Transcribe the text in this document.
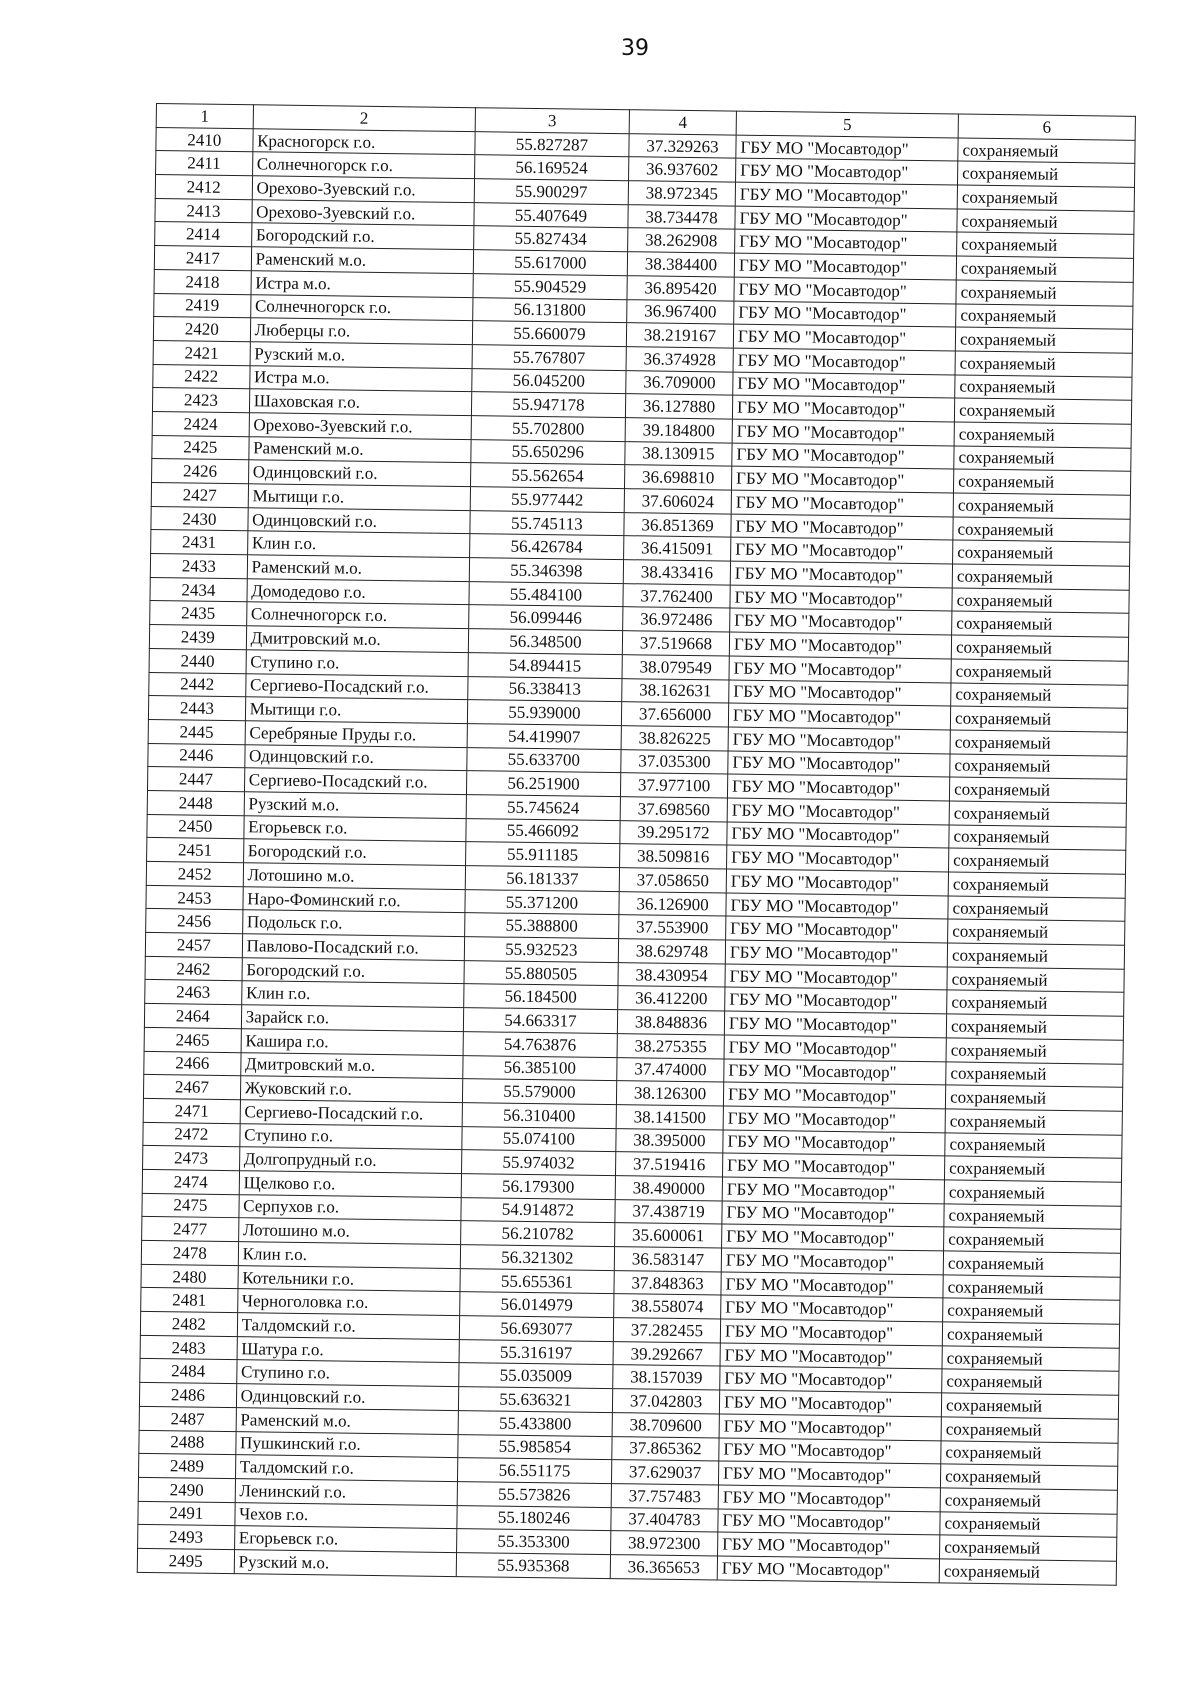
39
1	2	3	4	5	6
2410	Красногорск г.о.	55.827287	37.329263	ГБУ МО "Мосавтодор"	сохраняемый
2411	Солнечногорск г.о.	56.169524	36.937602	ГБУ МО "Мосавтодор"	сохраняемый
2412	Орехово-Зуевский г.о.	55.900297	38.972345	ГБУ МО "Мосавтодор"	сохраняемый
2413	Орехово-Зуевский г.о.	55.407649	38.734478	ГБУ МО "Мосавтодор"	сохраняемый
2414	Богородский г.о.	55.827434	38.262908	ГБУ МО "Мосавтодор"	сохраняемый
2417	Раменский м.о.	55.617000	38.384400	ГБУ МО "Мосавтодор"	сохраняемый
2418	Истра м.о.	55.904529	36.895420	ГБУ МО "Мосавтодор"	сохраняемый
2419	Солнечногорск г.о.	56.131800	36.967400	ГБУ МО "Мосавтодор"	сохраняемый
2420	Люберцы г.о.	55.660079	38.219167	ГБУ МО "Мосавтодор"	сохраняемый
2421	Рузский м.о.	55.767807	36.374928	ГБУ МО "Мосавтодор"	сохраняемый
2422	Истра м.о.	56.045200	36.709000	ГБУ МО "Мосавтодор"	сохраняемый
2423	Шаховская г.о.	55.947178	36.127880	ГБУ МО "Мосавтодор"	сохраняемый
2424	Орехово-Зуевский г.о.	55.702800	39.184800	ГБУ МО "Мосавтодор"	сохраняемый
2425	Раменский м.о.	55.650296	38.130915	ГБУ МО "Мосавтодор"	сохраняемый
2426	Одинцовский г.о.	55.562654	36.698810	ГБУ МО "Мосавтодор"	сохраняемый
2427	Мытищи г.о.	55.977442	37.606024	ГБУ МО "Мосавтодор"	сохраняемый
2430	Одинцовский г.о.	55.745113	36.851369	ГБУ МО "Мосавтодор"	сохраняемый
2431	Клин г.о.	56.426784	36.415091	ГБУ МО "Мосавтодор"	сохраняемый
2433	Раменский м.о.	55.346398	38.433416	ГБУ МО "Мосавтодор"	сохраняемый
2434	Домодедово г.о.	55.484100	37.762400	ГБУ МО "Мосавтодор"	сохраняемый
2435	Солнечногорск г.о.	56.099446	36.972486	ГБУ МО "Мосавтодор"	сохраняемый
2439	Дмитровский м.о.	56.348500	37.519668	ГБУ МО "Мосавтодор"	сохраняемый
2440	Ступино г.о.	54.894415	38.079549	ГБУ МО "Мосавтодор"	сохраняемый
2442	Сергиево-Посадский г.о.	56.338413	38.162631	ГБУ МО "Мосавтодор"	сохраняемый
2443	Мытищи г.о.	55.939000	37.656000	ГБУ МО "Мосавтодор"	сохраняемый
2445	Серебряные Пруды г.о.	54.419907	38.826225	ГБУ МО "Мосавтодор"	сохраняемый
2446	Одинцовский г.о.	55.633700	37.035300	ГБУ МО "Мосавтодор"	сохраняемый
2447	Сергиево-Посадский г.о.	56.251900	37.977100	ГБУ МО "Мосавтодор"	сохраняемый
2448	Рузский м.о.	55.745624	37.698560	ГБУ МО "Мосавтодор"	сохраняемый
2450	Егорьевск г.о.	55.466092	39.295172	ГБУ МО "Мосавтодор"	сохраняемый
2451	Богородский г.о.	55.911185	38.509816	ГБУ МО "Мосавтодор"	сохраняемый
2452	Лотошино м.о.	56.181337	37.058650	ГБУ МО "Мосавтодор"	сохраняемый
2453	Наро-Фоминский г.о.	55.371200	36.126900	ГБУ МО "Мосавтодор"	сохраняемый
2456	Подольск г.о.	55.388800	37.553900	ГБУ МО "Мосавтодор"	сохраняемый
2457	Павлово-Посадский г.о.	55.932523	38.629748	ГБУ МО "Мосавтодор"	сохраняемый
2462	Богородский г.о.	55.880505	38.430954	ГБУ МО "Мосавтодор"	сохраняемый
2463	Клин г.о.	56.184500	36.412200	ГБУ МО "Мосавтодор"	сохраняемый
2464	Зарайск г.о.	54.663317	38.848836	ГБУ МО "Мосавтодор"	сохраняемый
2465	Кашира г.о.	54.763876	38.275355	ГБУ МО "Мосавтодор"	сохраняемый
2466	Дмитровский м.о.	56.385100	37.474000	ГБУ МО "Мосавтодор"	сохраняемый
2467	Жуковский г.о.	55.579000	38.126300	ГБУ МО "Мосавтодор"	сохраняемый
2471	Сергиево-Посадский г.о.	56.310400	38.141500	ГБУ МО "Мосавтодор"	сохраняемый
2472	Ступино г.о.	55.074100	38.395000	ГБУ МО "Мосавтодор"	сохраняемый
2473	Долгопрудный г.о.	55.974032	37.519416	ГБУ МО "Мосавтодор"	сохраняемый
2474	Щелково г.о.	56.179300	38.490000	ГБУ МО "Мосавтодор"	сохраняемый
2475	Серпухов г.о.	54.914872	37.438719	ГБУ МО "Мосавтодор"	сохраняемый
2477	Лотошино м.о.	56.210782	35.600061	ГБУ МО "Мосавтодор"	сохраняемый
2478	Клин г.о.	56.321302	36.583147	ГБУ МО "Мосавтодор"	сохраняемый
2480	Котельники г.о.	55.655361	37.848363	ГБУ МО "Мосавтодор"	сохраняемый
2481	Черноголовка г.о.	56.014979	38.558074	ГБУ МО "Мосавтодор"	сохраняемый
2482	Талдомский г.о.	56.693077	37.282455	ГБУ МО "Мосавтодор"	сохраняемый
2483	Шатура г.о.	55.316197	39.292667	ГБУ МО "Мосавтодор"	сохраняемый
2484	Ступино г.о.	55.035009	38.157039	ГБУ МО "Мосавтодор"	сохраняемый
2486	Одинцовский г.о.	55.636321	37.042803	ГБУ МО "Мосавтодор"	сохраняемый
2487	Раменский м.о.	55.433800	38.709600	ГБУ МО "Мосавтодор"	сохраняемый
2488	Пушкинский г.о.	55.985854	37.865362	ГБУ МО "Мосавтодор"	сохраняемый
2489	Талдомский г.о.	56.551175	37.629037	ГБУ МО "Мосавтодор"	сохраняемый
2490	Ленинский г.о.	55.573826	37.757483	ГБУ МО "Мосавтодор"	сохраняемый
2491	Чехов г.о.	55.180246	37.404783	ГБУ МО "Мосавтодор"	сохраняемый
2493	Егорьевск г.о.	55.353300	38.972300	ГБУ МО "Мосавтодор"	сохраняемый
2495	Рузский м.о.	55.935368	36.365653	ГБУ МО "Мосавтодор"	сохраняемый
